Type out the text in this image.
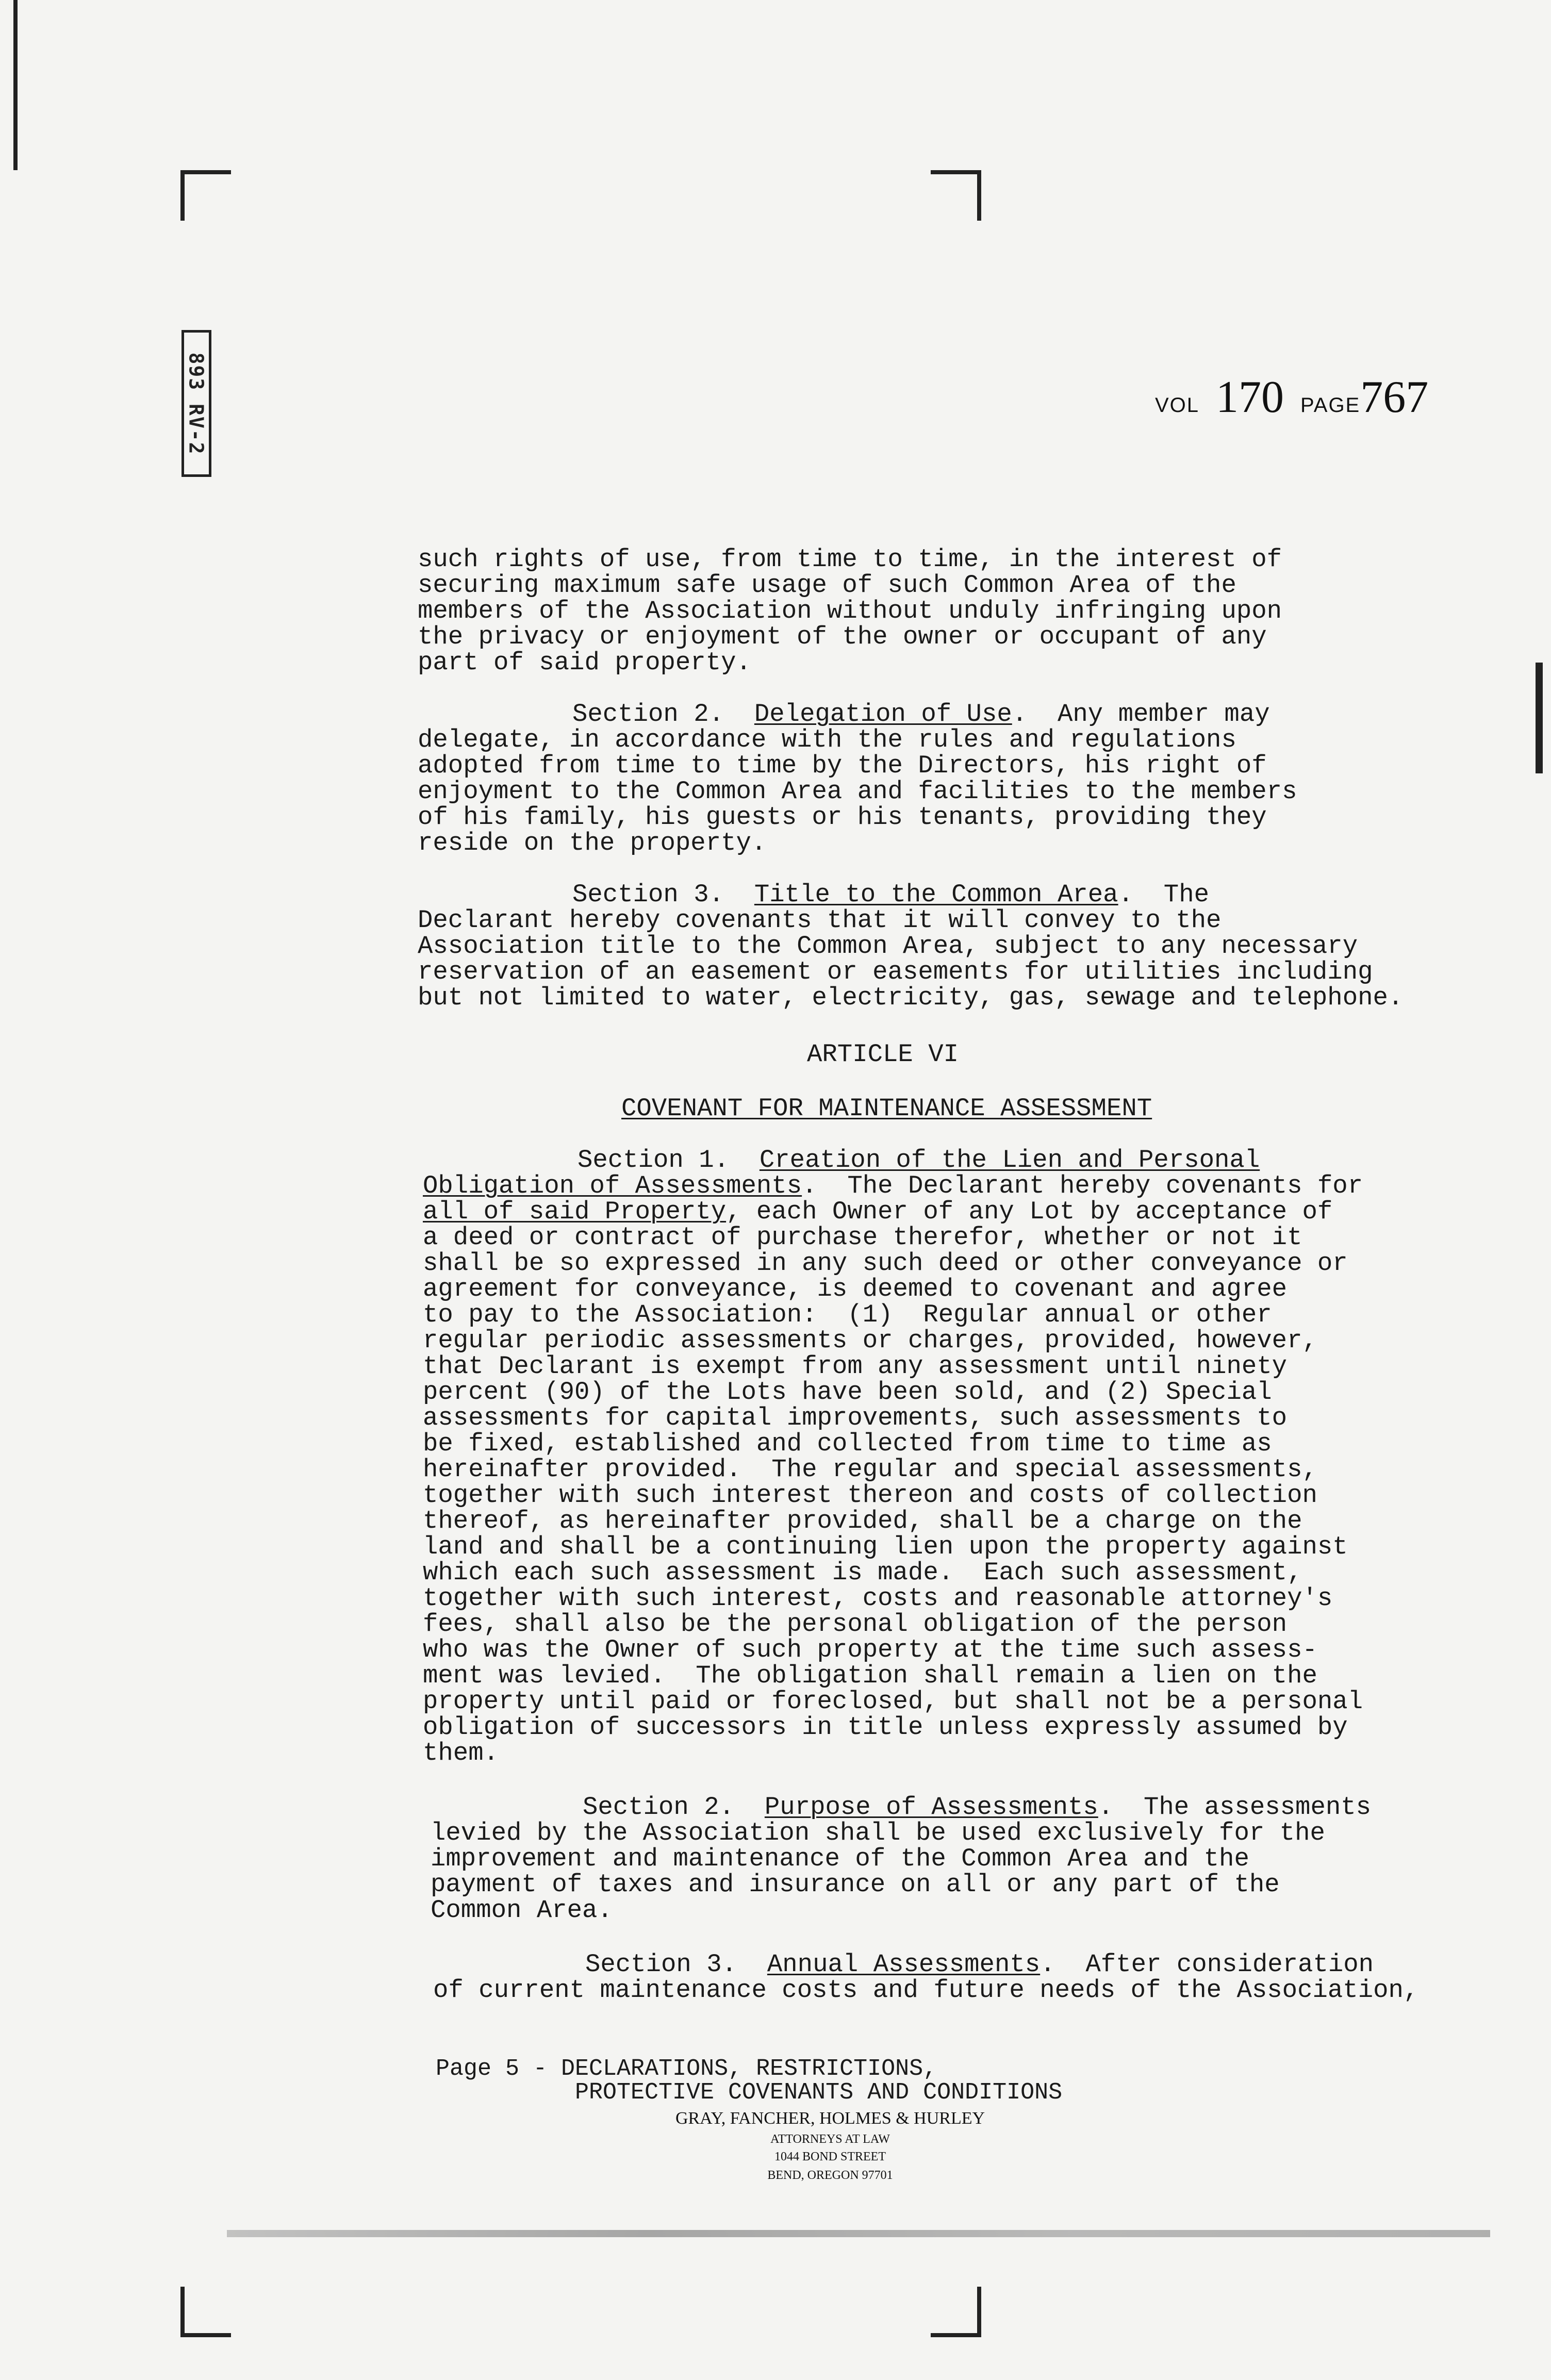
893 RV-2	VOL 170 PAGE767
such rights of use, from time to time, in the interest of
securing maximum safe usage of such Common Area of the
members of the Association without unduly infringing upon
the privacy or enjoyment of the owner or occupant of any
part of said property.
Section 2. Delegation of Use.  Any member may
delegate, in accordance with the rules and regulations
adopted from time to time by the Directors, his right of
enjoyment to the Common Area and facilities to the members
of his family, his guests or his tenants, providing they
reside on the property.
Section 3. Title to the Common Area.  The
Declarant hereby covenants that it will convey to the
Association title to the Common Area, subject to any necessary
reservation of an easement or easements for utilities including
but not limited to water, electricity, gas, sewage and telephone.
ARTICLE VI
COVENANT FOR MAINTENANCE ASSESSMENT
Section 1. Creation of the Lien and Personal
Obligation of Assessments.  The Declarant hereby covenants for
all of said Property, each Owner of any Lot by acceptance of
a deed or contract of purchase therefor, whether or not it
shall be so expressed in any such deed or other conveyance or
agreement for conveyance, is deemed to covenant and agree
to pay to the Association:  (1)  Regular annual or other
regular periodic assessments or charges, provided, however,
that Declarant is exempt from any assessment until ninety
percent (90) of the Lots have been sold, and (2) Special
assessments for capital improvements, such assessments to
be fixed, established and collected from time to time as
hereinafter provided.  The regular and special assessments,
together with such interest thereon and costs of collection
thereof, as hereinafter provided, shall be a charge on the
land and shall be a continuing lien upon the property against
which each such assessment is made.  Each such assessment,
together with such interest, costs and reasonable attorney's
fees, shall also be the personal obligation of the person
who was the Owner of such property at the time such assess-
ment was levied.  The obligation shall remain a lien on the
property until paid or foreclosed, but shall not be a personal
obligation of successors in title unless expressly assumed by
them.
Section 2. Purpose of Assessments.  The assessments
levied by the Association shall be used exclusively for the
improvement and maintenance of the Common Area and the
payment of taxes and insurance on all or any part of the
Common Area.
Section 3. Annual Assessments.  After consideration
of current maintenance costs and future needs of the Association,
Page 5 - DECLARATIONS, RESTRICTIONS,
PROTECTIVE COVENANTS AND CONDITIONS
GRAY, FANCHER, HOLMES & HURLEY
ATTORNEYS AT LAW
1044 BOND STREET
BEND, OREGON 97701
